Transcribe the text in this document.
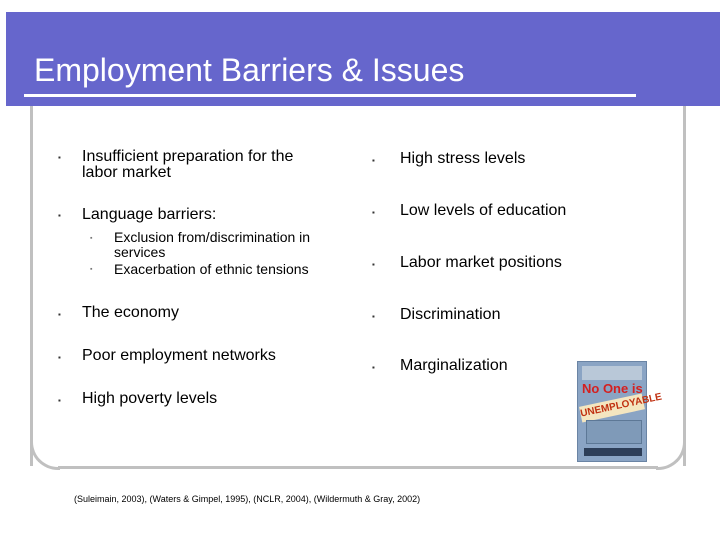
Employment Barriers & Issues
▪ Insufficient preparation for the
labor market
▪ Language barriers:
▪ Exclusion from/discrimination in
services
▪ Exacerbation of ethnic tensions
▪ The economy
▪ Poor employment networks
▪ High poverty levels
▪ High stress levels
▪ Low levels of education
▪ Labor market positions
▪ Discrimination
▪ Marginalization
No One is
UNEMPLOYABLE
(Suleimain, 2003), (Waters & Gimpel, 1995), (NCLR, 2004), (Wildermuth & Gray, 2002)
